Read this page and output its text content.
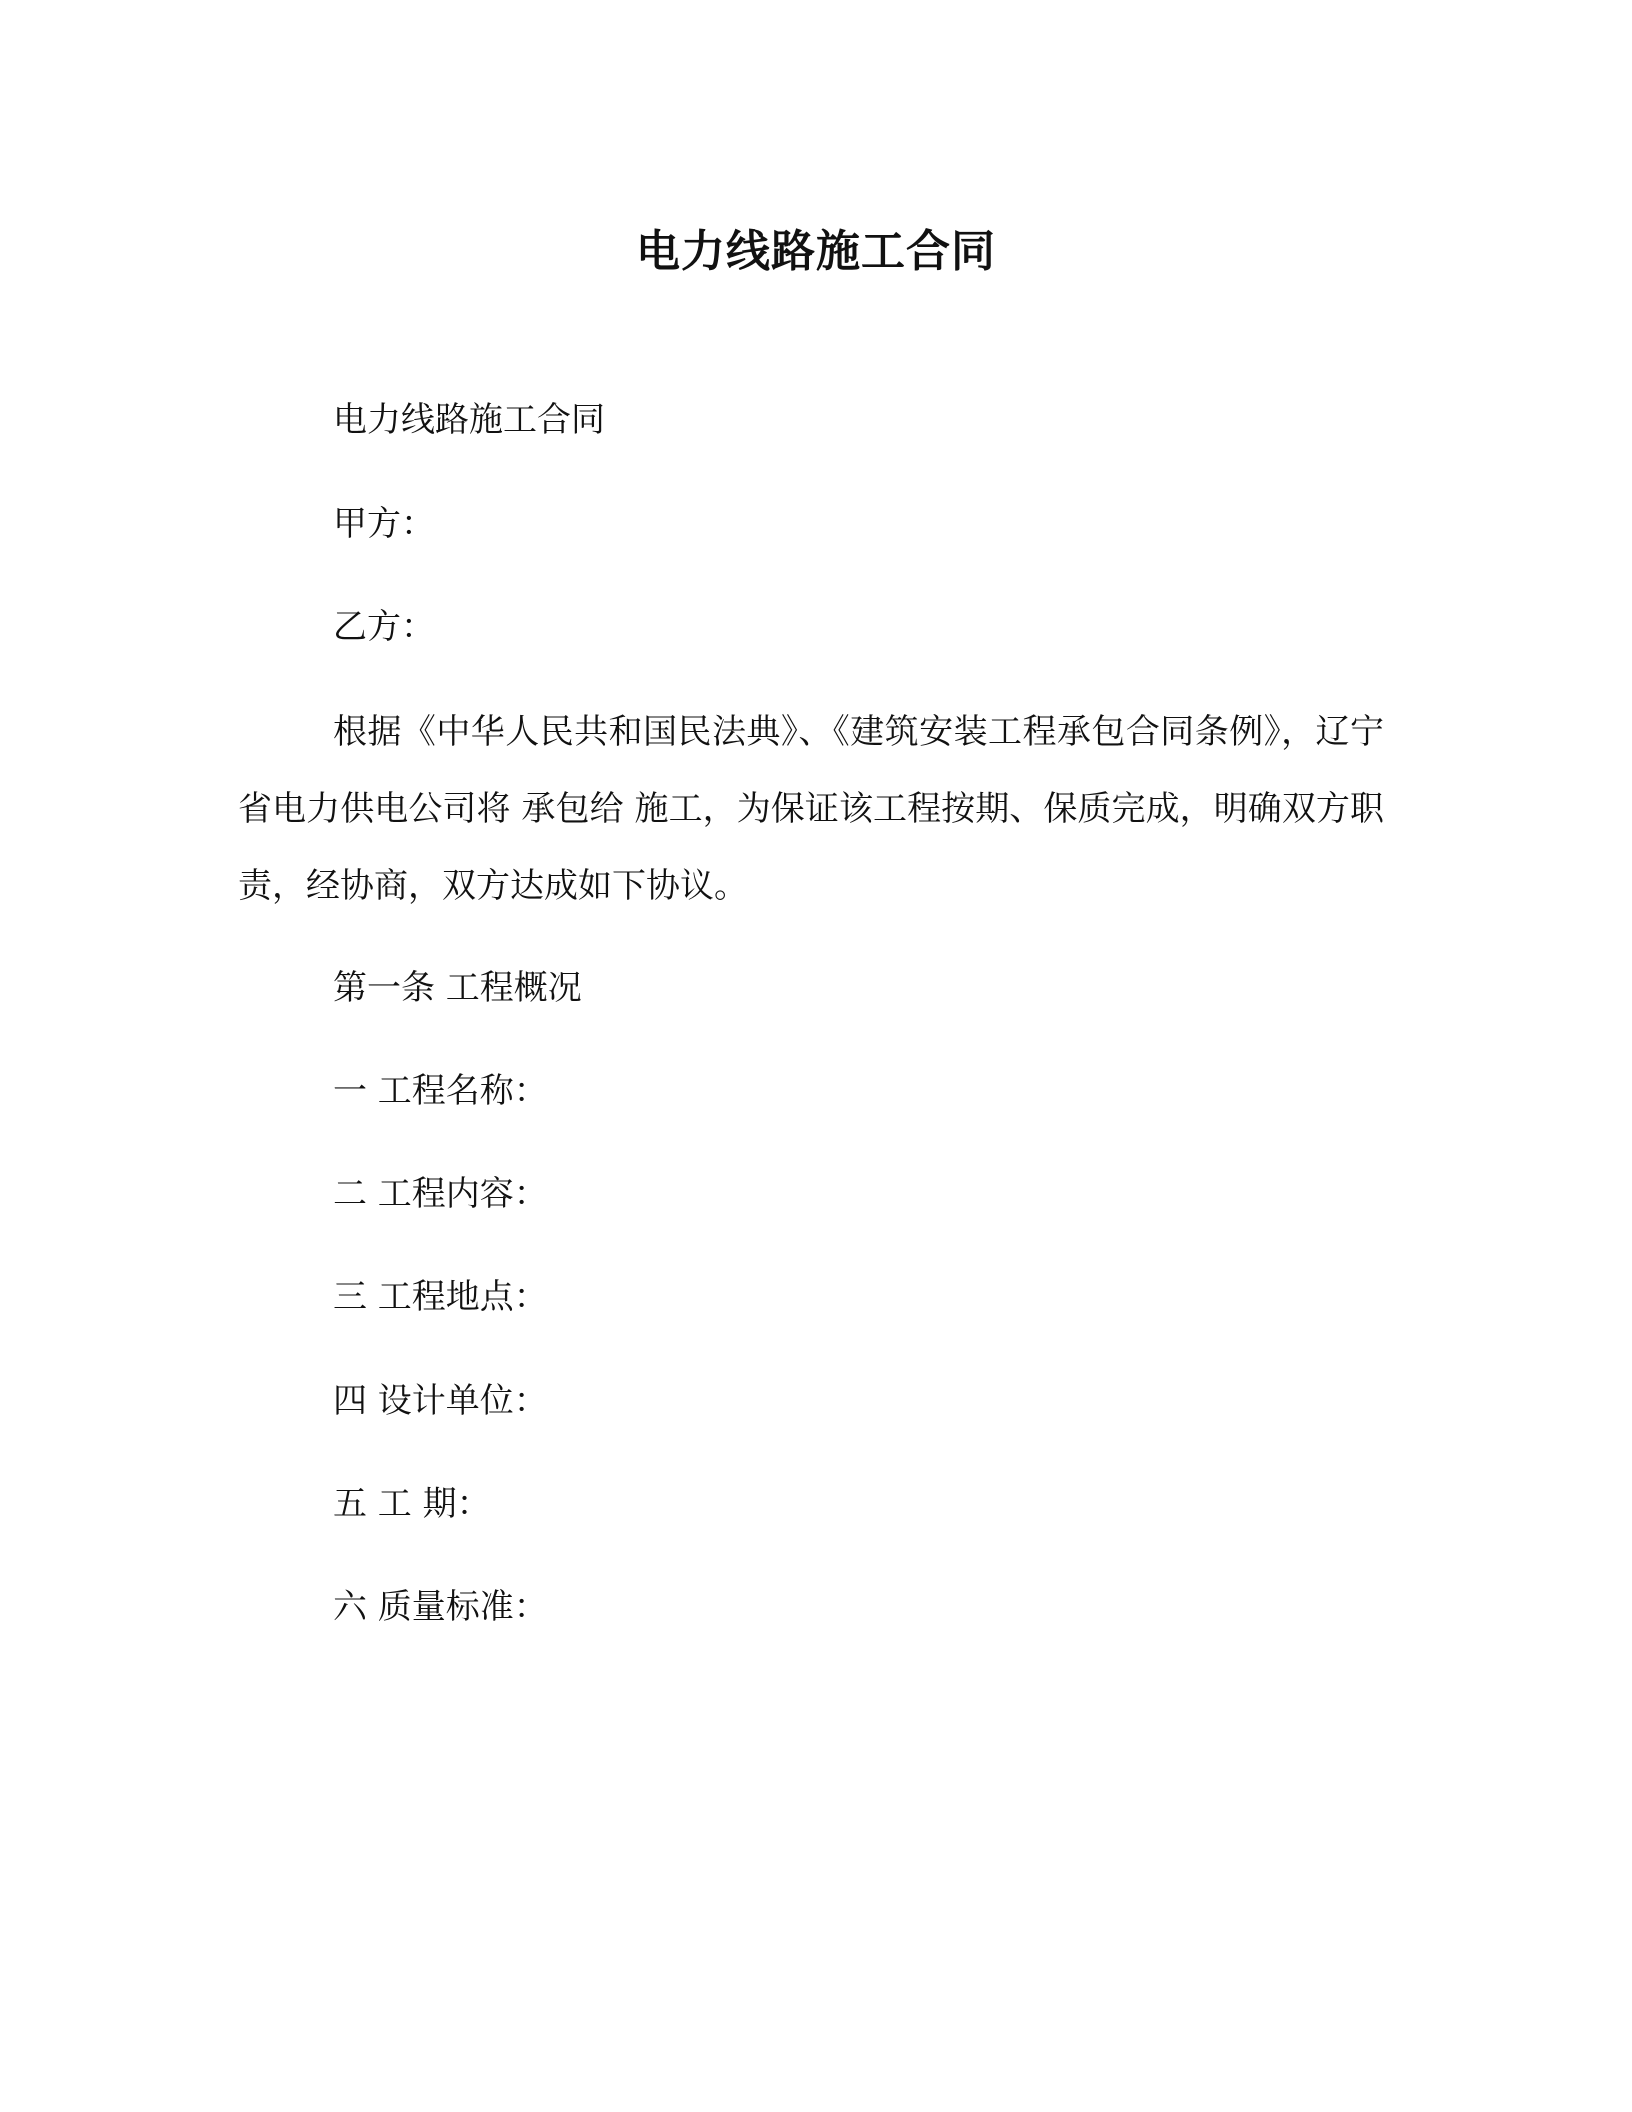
电力线路施工合同
电力线路施工合同
甲方：
乙方：
根据《中华人民共和国民法典》、《建筑安装工程承包合同条例》，辽宁省电力供电公司将 承包给 施工，为保证该工程按期、保质完成，明确双方职责，经协商，双方达成如下协议。
第一条 工程概况
一 工程名称：
二 工程内容：
三 工程地点：
四 设计单位：
五 工 期：
六 质量标准：
